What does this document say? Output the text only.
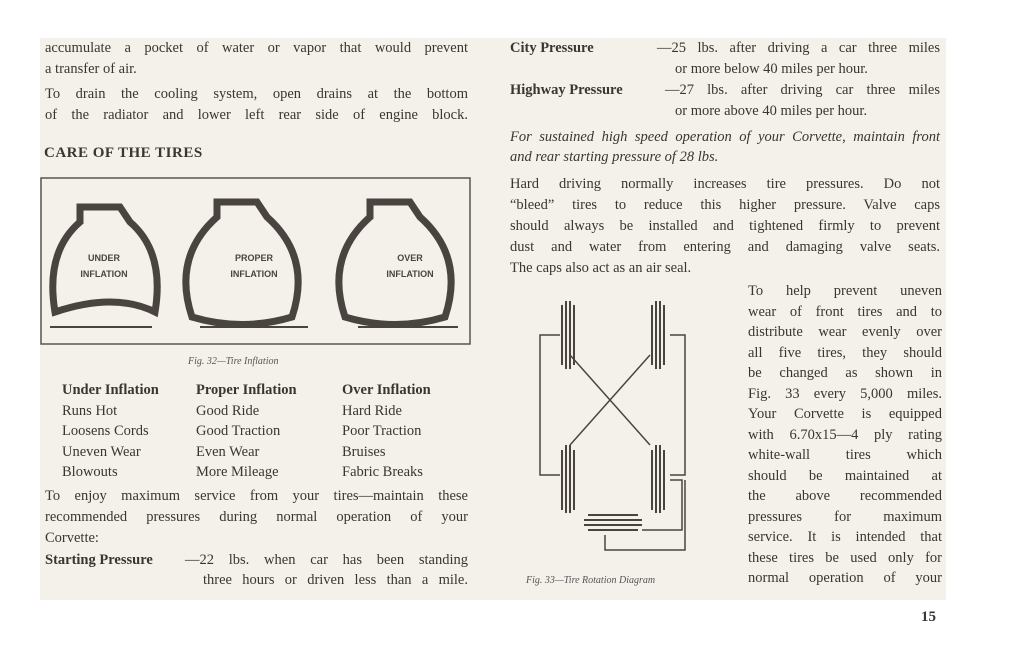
accumulate a pocket of water or vapor that would prevent
a transfer of air.
To drain the cooling system, open drains at the bottom
of the radiator and lower left rear side of engine block.
To enjoy maximum service from your tires—maintain these
recommended pressures during normal operation of your
Corvette:
Starting Pressure —22 lbs. when car has been standing
three hours or driven less than a mile.
City Pressure	—25 lbs. after driving a car three miles
or more below 40 miles per hour.
Highway Pressure	—27 lbs. after driving car three miles
or more above 40 miles per hour.
For sustained high speed operation of your Corvette, maintain front
and rear starting pressure of 28 lbs.
Hard driving normally increases tire pressures. Do not
“bleed” tires to reduce this higher pressure. Valve caps
should always be installed and tightened firmly to prevent
dust and water from entering and damaging valve seats.
The caps also act as an air seal.
To help prevent uneven
wear of front tires and to
distribute wear evenly over
all five tires, they should
be changed as shown in
Fig. 33 every 5,000 miles.
Your Corvette is equipped
with 6.70x15—4 ply rating
white-wall tires which
should be maintained at
the above recommended
pressures for maximum
service. It is intended that
these tires be used only for
normal operation of your
CARE OF THE TIRES
UNDER
INFLATION
PROPER
INFLATION
OVER
INFLATION
Fig. 32—Tire Inflation
Under Inflation	Proper Inflation	Over Inflation
Runs Hot	Good Ride	Hard Ride
Loosens Cords	Good Traction	Poor Traction
Uneven Wear	Even Wear	Bruises
Blowouts	More Mileage	Fabric Breaks
Fig. 33—Tire Rotation Diagram
15
